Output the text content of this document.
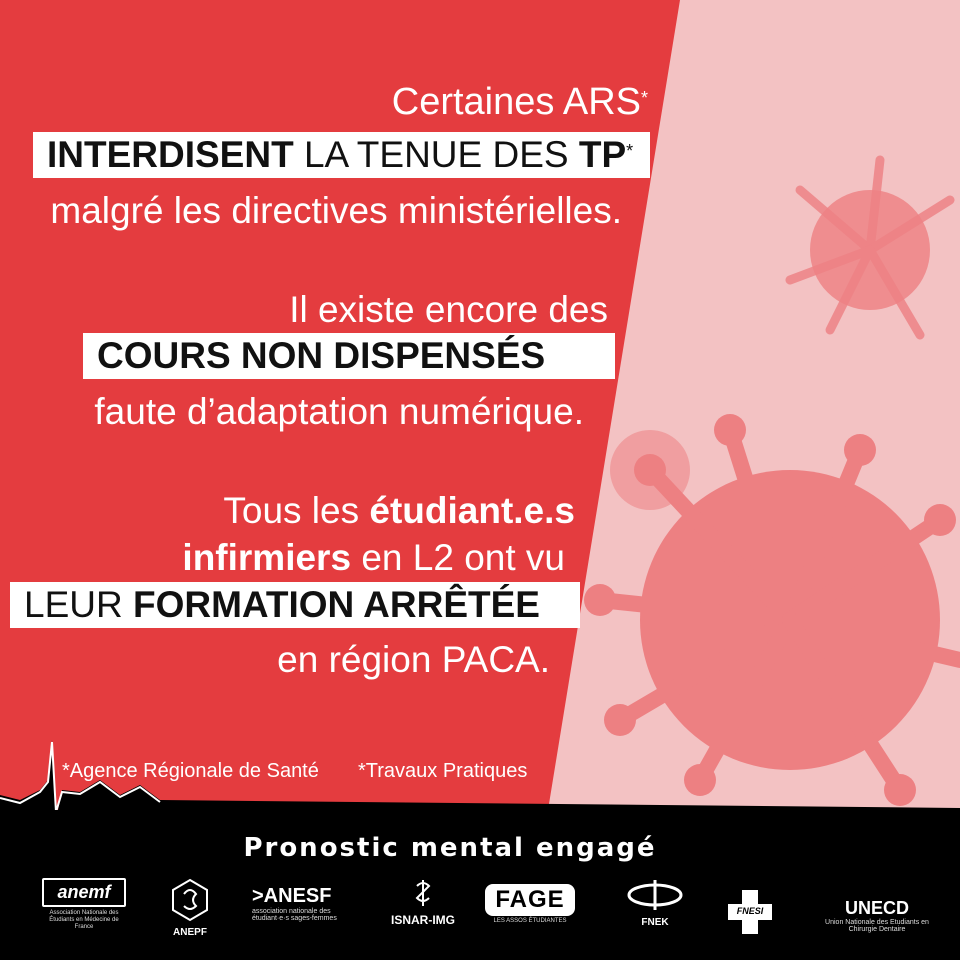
Certaines ARS*
INTERDISENT LA TENUE DES TP*
malgré les directives ministérielles.
Il existe encore des
COURS NON DISPENSÉS
faute d’adaptation numérique.
Tous les étudiant.e.s
infirmiers en L2 ont vu
LEUR FORMATION ARRÊTÉE
en région PACA.
*Agence Régionale de Santé *Travaux Pratiques
Pronostic mental engagé
anemf
Association Nationale des Étudiants en Médecine de France	ANEPF
>ANESF
association nationale des étudiant·e·s sages-femmes	ISNAR-IMG
FAGE
LES ASSOS ÉTUDIANTES	FNEK
FNESI	UNECD
Union Nationale des Etudiants en Chirurgie Dentaire
